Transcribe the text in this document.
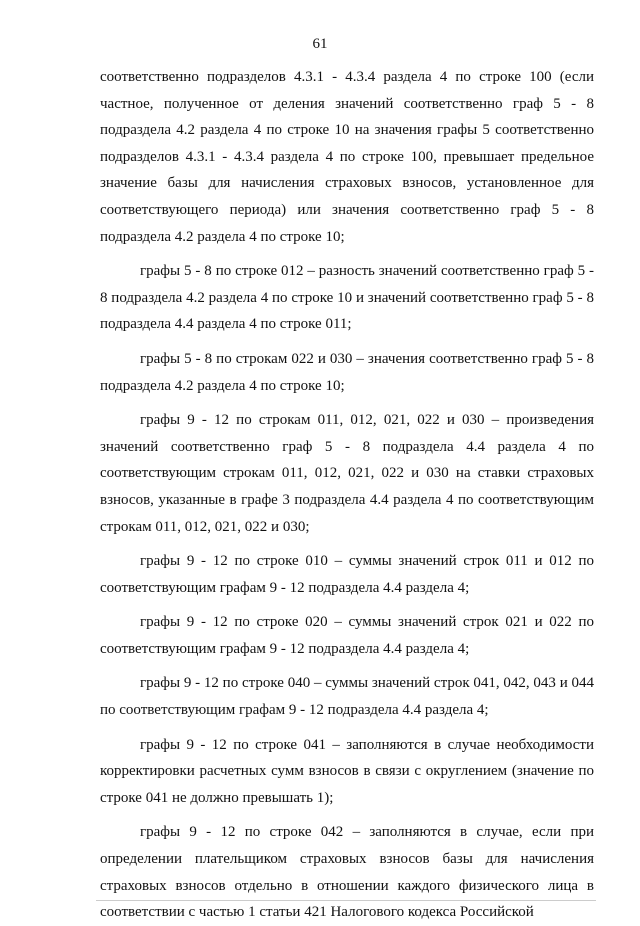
61

соответственно подразделов 4.3.1 - 4.3.4 раздела 4 по строке 100 (если частное, полученное от деления значений соответственно граф 5 - 8 подраздела 4.2 раздела 4 по строке 10 на значения графы 5 соответственно подразделов 4.3.1 - 4.3.4 раздела 4 по строке 100, превышает предельное значение базы для начисления страховых взносов, установленное для соответствующего периода) или значения соответственно граф 5 - 8 подраздела 4.2 раздела 4 по строке 10;

графы 5 - 8 по строке 012 – разность значений соответственно граф 5 - 8 подраздела 4.2 раздела 4 по строке 10 и значений соответственно граф 5 - 8 подраздела 4.4 раздела 4 по строке 011;

графы 5 - 8 по строкам 022 и 030 – значения соответственно граф 5 - 8 подраздела 4.2 раздела 4 по строке 10;

графы 9 - 12 по строкам 011, 012, 021, 022 и 030 – произведения значений соответственно граф 5 - 8 подраздела 4.4 раздела 4 по соответствующим строкам 011, 012, 021, 022 и 030 на ставки страховых взносов, указанные в графе 3 подраздела 4.4 раздела 4 по соответствующим строкам 011, 012, 021, 022 и 030;

графы 9 - 12 по строке 010 – суммы значений строк 011 и 012 по соответствующим графам 9 - 12 подраздела 4.4 раздела 4;

графы 9 - 12 по строке 020 – суммы значений строк 021 и 022 по соответствующим графам 9 - 12 подраздела 4.4 раздела 4;

графы 9 - 12 по строке 040 – суммы значений строк 041, 042, 043 и 044 по соответствующим графам 9 - 12 подраздела 4.4 раздела 4;

графы 9 - 12 по строке 041 – заполняются в случае необходимости корректировки расчетных сумм взносов в связи с округлением (значение по строке 041 не должно превышать 1);

графы 9 - 12 по строке 042 – заполняются в случае, если при определении плательщиком страховых взносов базы для начисления страховых взносов отдельно в отношении каждого физического лица в соответствии с частью 1 статьи 421 Налогового кодекса Российской
